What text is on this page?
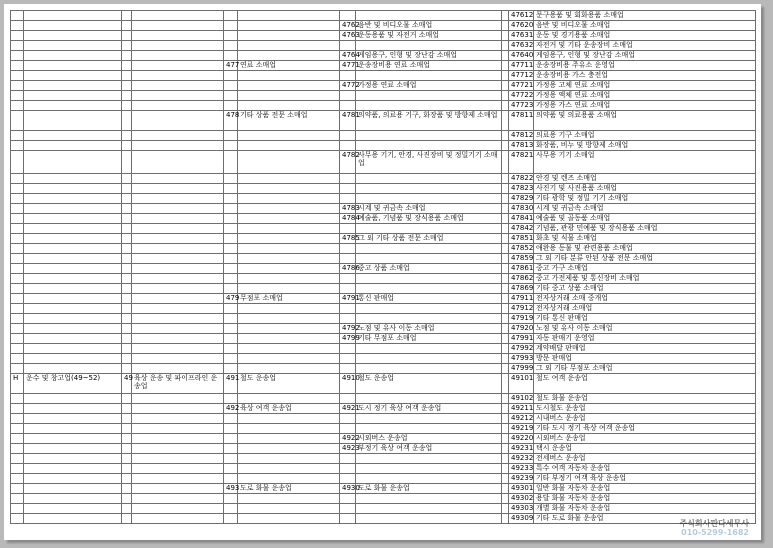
									47612	문구용품 및 회화용품 소매업
						4762	음반 및 비디오물 소매업		47620	음반 및 비디오물 소매업
						4763	운동용품 및 자전거 소매업		47631	운동 및 경기용품 소매업
									47632	자전거 및 기타 운송장비 소매업
						4764	게임용구, 인형 및 장난감 소매업		47640	게임용구, 인형 및 장난감 소매업
				477	연료 소매업	4771	운송장비용 연료 소매업		47711	운송장비용 주유소 운영업
									47712	운송장비용 가스 충전업
						4772	가정용 연료 소매업		47721	가정용 고체 연료 소매업
									47722	가정용 액체 연료 소매업
									47723	가정용 가스 연료 소매업
				478	기타 상품 전문 소매업	4781	의약품, 의료용 기구, 화장품 및 방향제 소매업		47811	의약품 및 의료용품 소매업
									47812	의료용 기구 소매업
									47813	화장품, 비누 및 방향제 소매업
						4782	사무용 기기, 안경, 사진장비 및 정밀기기 소매업		47821	사무용 기기 소매업
									47822	안경 및 렌즈 소매업
									47823	사진기 및 사진용품 소매업
									47829	기타 광학 및 정밀 기기 소매업
						4783	시계 및 귀금속 소매업		47830	시계 및 귀금속 소매업
						4784	예술품, 기념품 및 장식용품 소매업		47841	예술품 및 골동품 소매업
									47842	기념품, 관광 민예품 및 장식용품 소매업
						4785	그 외 기타 상품 전문 소매업		47851	화초 및 식물 소매업
									47852	애완용 동물 및 관련용품 소매업
									47859	그 외 기타 분류 안된 상품 전문 소매업
						4786	중고 상품 소매업		47861	중고 가구 소매업
									47862	중고 가전제품 및 통신장비 소매업
									47869	기타 중고 상품 소매업
				479	무점포 소매업	4791	통신 판매업		47911	전자상거래 소매 중개업
									47912	전자상거래 소매업
									47919	기타 통신 판매업
						4792	노점 및 유사 이동 소매업		47920	노점 및 유사 이동 소매업
						4799	기타 무점포 소매업		47991	자동 판매기 운영업
									47992	계약배달 판매업
									47993	방문 판매업
									47999	그 외 기타 무점포 소매업
H	운수 및 창고업(49~52)	49	육상 운송 및 파이프라인 운송업	491	철도 운송업	4910	철도 운송업		49101	철도 여객 운송업
									49102	철도 화물 운송업
				492	육상 여객 운송업	4921	도시 정기 육상 여객 운송업		49211	도시철도 운송업
									49212	시내버스 운송업
									49219	기타 도시 정기 육상 여객 운송업
						4922	시외버스 운송업		49220	시외버스 운송업
						4923	부정기 육상 여객 운송업		49231	택시 운송업
									49232	전세버스 운송업
									49233	특수 여객 자동차 운송업
									49239	기타 부정기 여객 육상 운송업
				493	도로 화물 운송업	4930	도로 화물 운송업		49301	일반 화물 자동차 운송업
									49302	용달 화물 자동차 운송업
									49303	개별 화물 자동차 운송업
									49309	기타 도로 화물 운송업
주식회사판다세무사
010-5299-1682
